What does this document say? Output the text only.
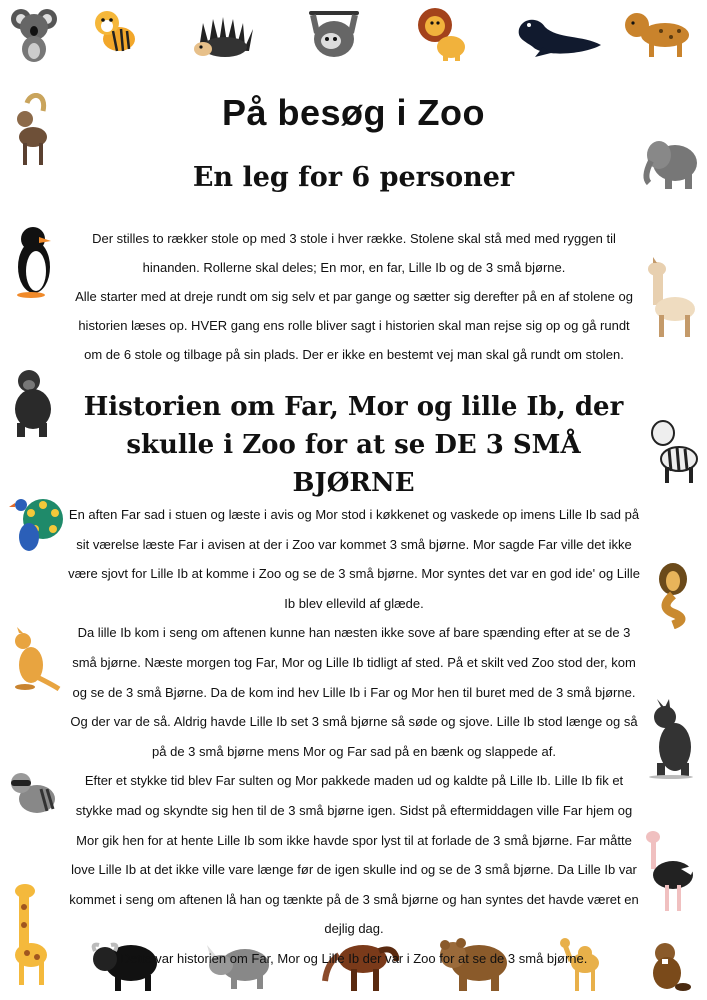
På besøg i Zoo
En leg for 6 personer

Der stilles to rækker stole op med 3 stole i hver række. Stolene skal stå med med ryggen til hinanden. Rollerne skal deles; En mor, en far, Lille Ib og de 3 små bjørne.

Alle starter med at dreje rundt om sig selv et par gange og sætter sig derefter på en af stolene og historien læses op. HVER gang ens rolle bliver sagt i historien skal man rejse sig op og gå rundt om de 6 stole og tilbage på sin plads. Der er ikke en bestemt vej man skal gå rundt om stolen.

Historien om Far, Mor og lille Ib, der skulle i Zoo for at se DE 3 SMÅ BJØRNE

En aften Far sad i stuen og læste i avis og Mor stod i køkkenet og vaskede op imens Lille Ib sad på sit værelse læste Far i avisen at der i Zoo var kommet 3 små bjørne. Mor sagde Far ville det ikke være sjovt for Lille Ib at komme i Zoo og se de 3 små bjørne. Mor syntes det var en god ide' og Lille Ib blev ellevild af glæde.

Da lille Ib kom i seng om aftenen kunne han næsten ikke sove af bare spænding efter at se de 3 små bjørne. Næste morgen tog Far, Mor og Lille Ib tidligt af sted. På et skilt ved Zoo stod der, kom og se de 3 små Bjørne. Da de kom ind hev Lille Ib i Far og Mor hen til buret med de 3 små bjørne. Og der var de så. Aldrig havde Lille Ib set 3 små bjørne så søde og sjove. Lille Ib stod længe og så på de 3 små bjørne mens Mor og Far sad på en bænk og slappede af.

Efter et stykke tid blev Far sulten og Mor pakkede maden ud og kaldte på Lille Ib. Lille Ib fik et stykke mad og skyndte sig hen til de 3 små bjørne igen. Sidst på eftermiddagen ville Far hjem og Mor gik hen for at hente Lille Ib som ikke havde spor lyst til at forlade de 3 små bjørne. Far måtte love Lille Ib at det ikke ville vare længe før de igen skulle ind og se de 3 små bjørne. Da Lille Ib var kommet i seng om aftenen lå han og tænkte på de 3 små bjørne og han syntes det havde været en dejlig dag.

Dette var historien om Far, Mor og Lille Ib der var i Zoo for at se de 3 små bjørne.
